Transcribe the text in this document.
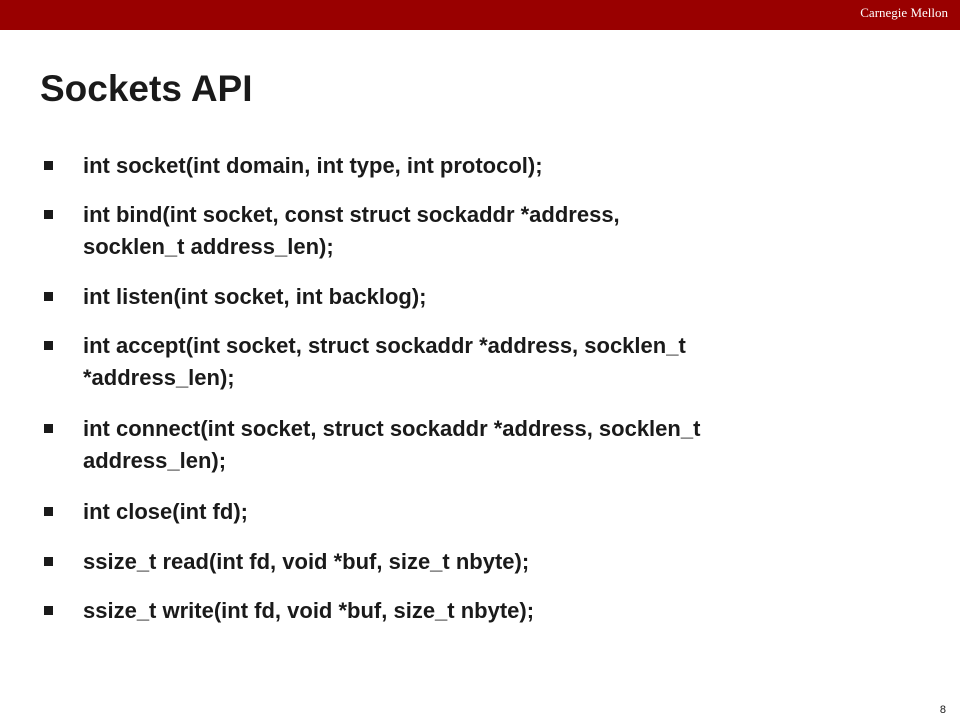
Carnegie Mellon
Sockets API
int socket(int domain, int type, int protocol);
int bind(int socket, const struct sockaddr *address,
socklen_t address_len);
int listen(int socket, int backlog);
int accept(int socket, struct sockaddr *address, socklen_t
*address_len);
int connect(int socket, struct sockaddr *address, socklen_t
address_len);
int close(int fd);
ssize_t read(int fd, void *buf, size_t nbyte);
ssize_t write(int fd, void *buf, size_t nbyte);
8
